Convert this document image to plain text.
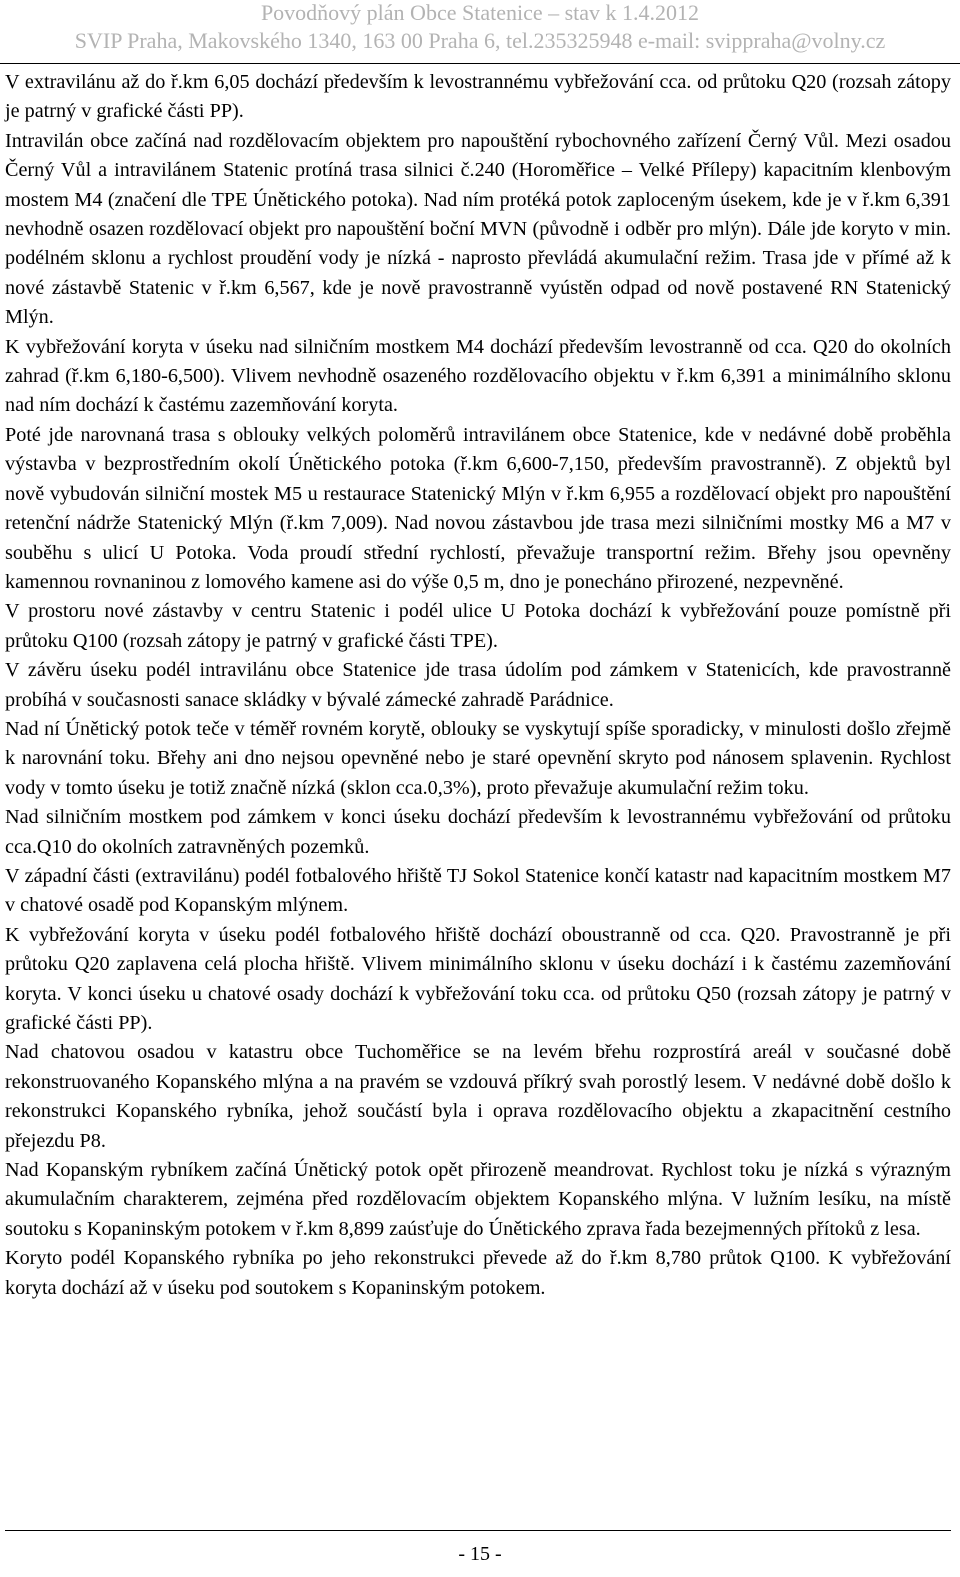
Povodňový plán Obce Statenice – stav k 1.4.2012
SVIP Praha, Makovského 1340, 163 00 Praha 6, tel.235325948 e-mail: svippraha@volny.cz

V extravilánu až do ř.km 6,05 dochází především k levostrannému vybřežování cca. od průtoku Q20 (rozsah zátopy je patrný v grafické části PP).

Intravilán obce začíná nad rozdělovacím objektem pro napouštění rybochovného zařízení Černý Vůl. Mezi osadou Černý Vůl a intravilánem Statenic protíná trasa silnici č.240 (Horoměřice – Velké Přílepy) kapacitním klenbovým mostem M4 (značení dle TPE Únětického potoka). Nad ním protéká potok zaploceným úsekem, kde je v ř.km 6,391 nevhodně osazen rozdělovací objekt pro napouštění boční MVN (původně i odběr pro mlýn). Dále jde koryto v min. podélném sklonu a rychlost proudění vody je nízká - naprosto převládá akumulační režim. Trasa jde v přímé až k nové zástavbě Statenic v ř.km 6,567, kde je nově pravostranně vyústěn odpad od nově postavené RN Statenický Mlýn.

K vybřežování koryta v úseku nad silničním mostkem M4 dochází především levostranně od cca. Q20 do okolních zahrad (ř.km 6,180-6,500). Vlivem nevhodně osazeného rozdělovacího objektu v ř.km 6,391 a minimálního sklonu nad ním dochází k častému zazemňování koryta.

Poté jde narovnaná trasa s oblouky velkých poloměrů intravilánem obce Statenice, kde v nedávné době proběhla výstavba v bezprostředním okolí Únětického potoka (ř.km 6,600-7,150, především pravostranně). Z objektů byl nově vybudován silniční mostek M5 u restaurace Statenický Mlýn v ř.km 6,955 a rozdělovací objekt pro napouštění retenční nádrže Statenický Mlýn (ř.km 7,009). Nad novou zástavbou jde trasa mezi silničními mostky M6 a M7 v souběhu s ulicí U Potoka. Voda proudí střední rychlostí, převažuje transportní režim. Břehy jsou opevněny kamennou rovnaninou z lomového kamene asi do výše 0,5 m, dno je ponecháno přirozené, nezpevněné.

V prostoru nové zástavby v centru Statenic i podél ulice U Potoka dochází k vybřežování pouze pomístně při průtoku Q100 (rozsah zátopy je patrný v grafické části TPE).

V závěru úseku podél intravilánu obce Statenice jde trasa údolím pod zámkem v Statenicích, kde pravostranně probíhá v současnosti sanace skládky v bývalé zámecké zahradě Parádnice.

Nad ní Únětický potok teče v téměř rovném korytě, oblouky se vyskytují spíše sporadicky, v minulosti došlo zřejmě k narovnání toku. Břehy ani dno nejsou opevněné nebo je staré opevnění skryto pod nánosem splavenin. Rychlost vody v tomto úseku je totiž značně nízká (sklon cca.0,3%), proto převažuje akumulační režim toku.

Nad silničním mostkem pod zámkem v konci úseku dochází především k levostrannému vybřežování od průtoku cca.Q10 do okolních zatravněných pozemků.

V západní části (extravilánu) podél fotbalového hřiště TJ Sokol Statenice končí katastr nad kapacitním mostkem M7 v chatové osadě pod Kopanským mlýnem.

K vybřežování koryta v úseku podél fotbalového hřiště dochází oboustranně od cca. Q20. Pravostranně je při průtoku Q20 zaplavena celá plocha hřiště. Vlivem minimálního sklonu v úseku dochází i k častému zazemňování koryta. V konci úseku u chatové osady dochází k vybřežování toku cca. od průtoku Q50 (rozsah zátopy je patrný v grafické části PP).

Nad chatovou osadou v katastru obce Tuchoměřice se na levém břehu rozprostírá areál v současné době rekonstruovaného Kopanského mlýna a na pravém se vzdouvá příkrý svah porostlý lesem. V nedávné době došlo k rekonstrukci Kopanského rybníka, jehož součástí byla i oprava rozdělovacího objektu a zkapacitnění cestního přejezdu P8.

Nad Kopanským rybníkem začíná Únětický potok opět přirozeně meandrovat. Rychlost toku je nízká s výrazným akumulačním charakterem, zejména před rozdělovacím objektem Kopanského mlýna. V lužním lesíku, na místě soutoku s Kopaninským potokem v ř.km 8,899 zaúsťuje do Únětického zprava řada bezejmenných přítoků z lesa.

Koryto podél Kopanského rybníka po jeho rekonstrukci převede až do ř.km 8,780 průtok Q100. K vybřežování koryta dochází až v úseku pod soutokem s Kopaninským potokem.

- 15 -
